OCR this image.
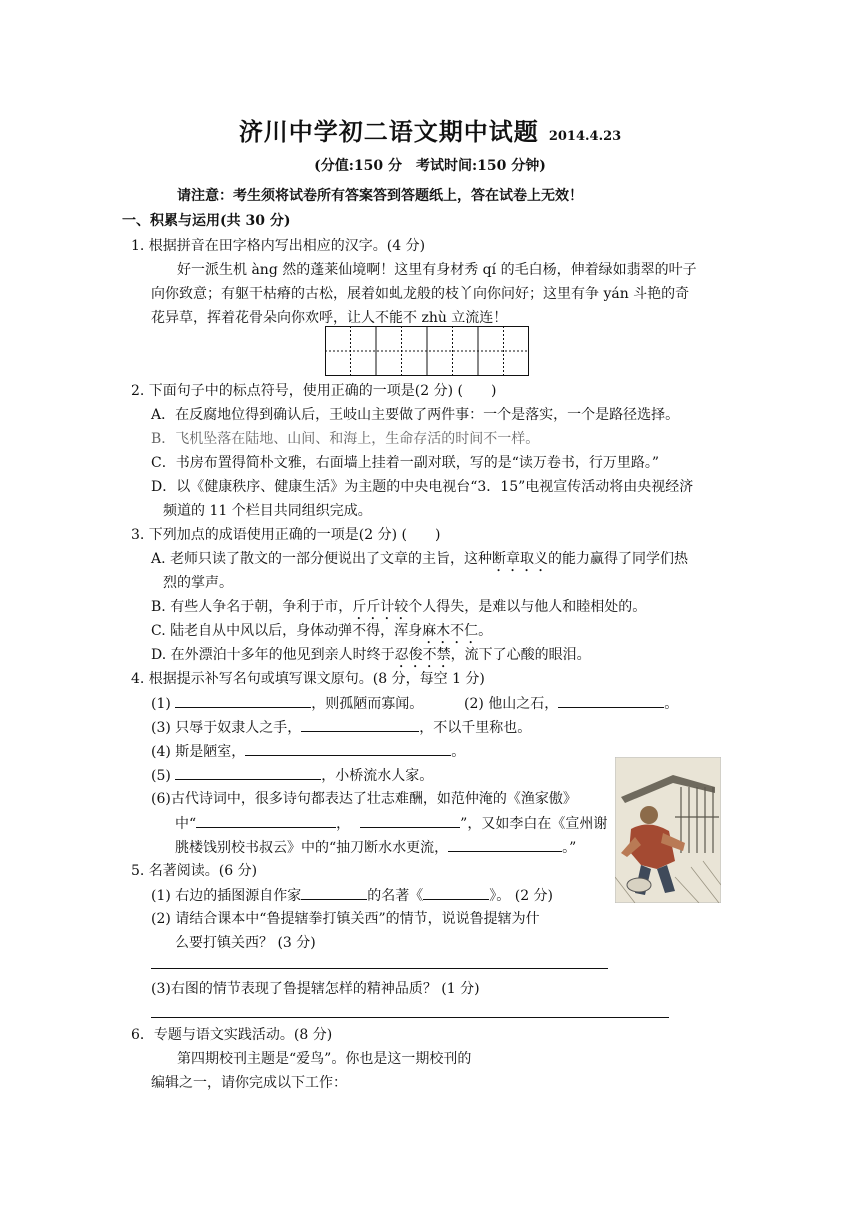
济川中学初二语文期中试题 2014.4.23
(分值:150 分　考试时间:150 分钟)
请注意：考生须将试卷所有答案答到答题纸上，答在试卷上无效！
一、积累与运用(共 30 分)
1. 根据拼音在田字格内写出相应的汉字。(4 分)
好一派生机 àng 然的蓬莱仙境啊！这里有身材秀 qí 的毛白杨，伸着绿如翡翠的叶子
向你致意；有躯干枯瘠的古松，展着如虬龙般的枝丫向你问好；这里有争 yán 斗艳的奇
花异草，挥着花骨朵向你欢呼，让人不能不 zhù 立流连！
2. 下面句子中的标点符号，使用正确的一项是(2 分) (　　)
A．在反腐地位得到确认后，王岐山主要做了两件事：一个是落实，一个是路径选择。
B．飞机坠落在陆地、山间、和海上，生命存活的时间不一样。
C．书房布置得简朴文雅，右面墙上挂着一副对联，写的是“读万卷书，行万里路。”
D．以《健康秩序、健康生活》为主题的中央电视台“3．15”电视宣传活动将由央视经济
频道的 11 个栏目共同组织完成。
3. 下列加点的成语使用正确的一项是(2 分) (　　)
A. 老师只读了散文的一部分便说出了文章的主旨，这种断章取义的能力赢得了同学们热
烈的掌声。
B. 有些人争名于朝，争利于市，斤斤计较个人得失，是难以与他人和睦相处的。
C. 陆老自从中风以后，身体动弹不得，浑身麻木不仁。
D. 在外漂泊十多年的他见到亲人时终于忍俊不禁，流下了心酸的眼泪。
4. 根据提示补写名句或填写课文原句。(8 分，每空 1 分)
(1)	，则孤陋而寡闻。	(2) 他山之石，	。
(3) 只辱于奴隶人之手，	，不以千里称也。
(4) 斯是陋室，	。
(5)	，小桥流水人家。
(6)古代诗词中，很多诗句都表达了壮志难酬，如范仲淹的《渔家傲》
中“	，	”，又如李白在《宣州谢
朓楼饯别校书叔云》中的“抽刀断水水更流，	。”
5. 名著阅读。(6 分)
(1) 右边的插图源自作家	的名著《	》。 (2 分)
(2) 请结合课本中“鲁提辖拳打镇关西”的情节，说说鲁提辖为什
么要打镇关西？ (3 分)
(3)右图的情节表现了鲁提辖怎样的精神品质？ (1 分)
6．专题与语文实践活动。(8 分)
第四期校刊主题是“爱鸟”。你也是这一期校刊的
编辑之一，请你完成以下工作：
